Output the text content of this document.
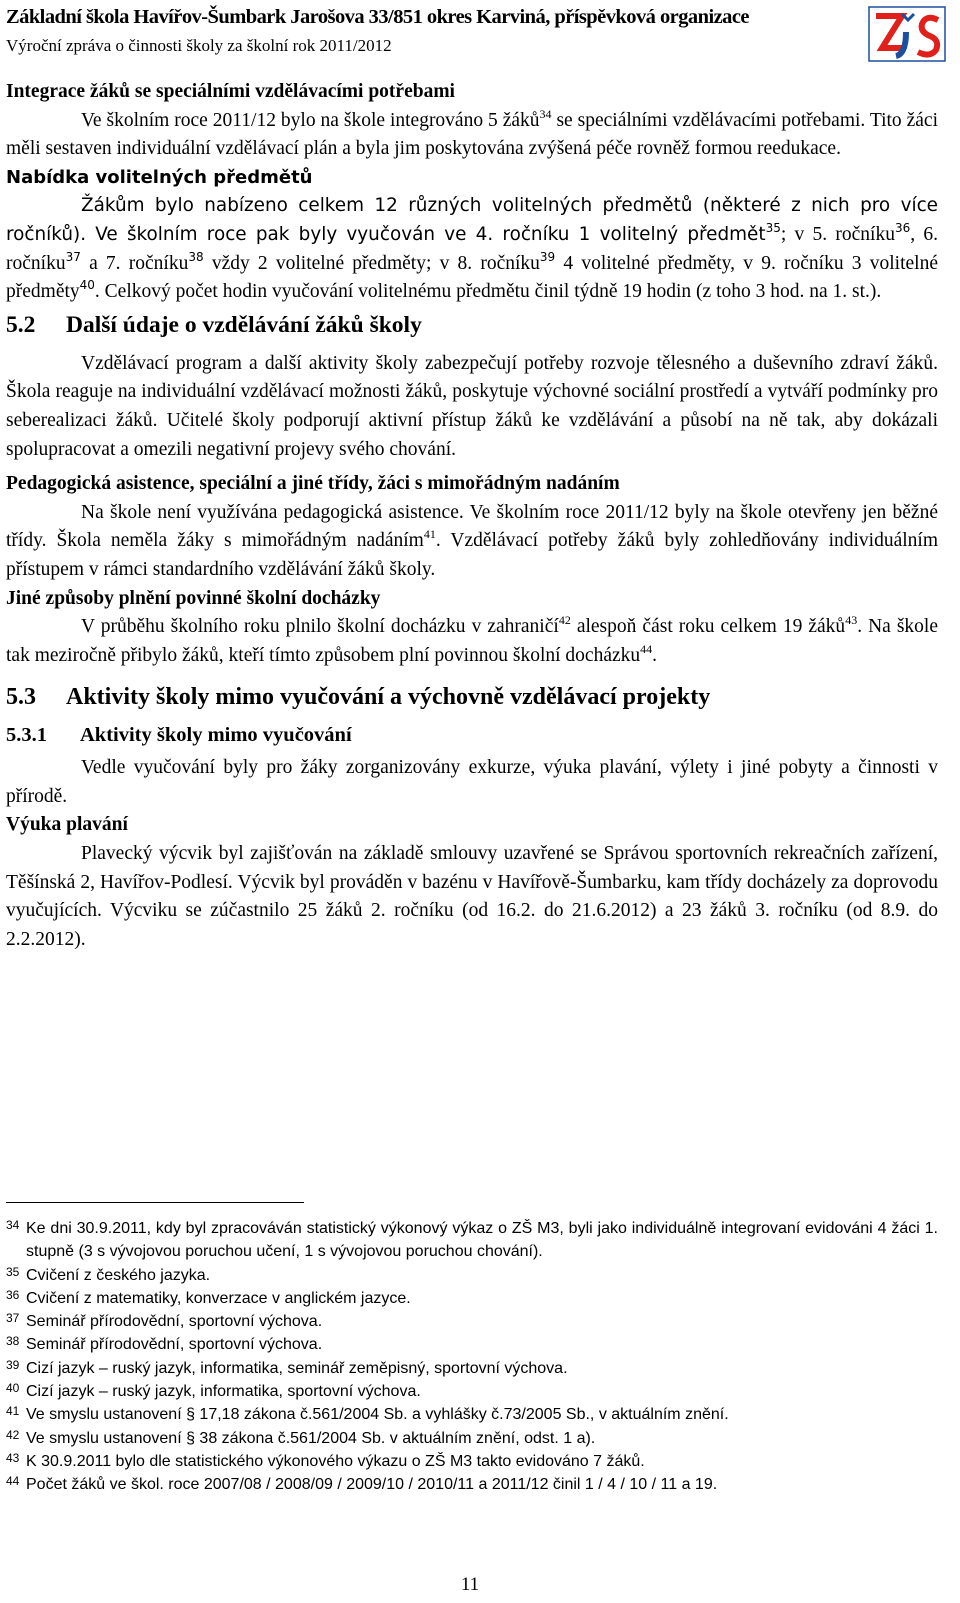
Základní škola Havířov-Šumbark Jarošova 33/851 okres Karviná, příspěvková organizace
Výroční zpráva o činnosti školy za školní rok 2011/2012

Integrace žáků se speciálními vzdělávacími potřebami

Ve školním roce 2011/12 bylo na škole integrováno 5 žáků$^{34}$ se speciálními vzdělávacími potřebami. Tito žáci měli sestaven individuální vzdělávací plán a byla jim poskytována zvýšená péče rovněž formou reedukace.

Nabídka volitelných předmětů

Žákům bylo nabízeno celkem 12 různých volitelných předmětů (některé z nich pro více ročníků). Ve školním roce pak byly vyučován ve 4. ročníku 1 volitelný předmět$^{35}$; v 5. ročníku$^{36}$, 6. ročníku$^{37}$ a 7. ročníku$^{38}$ vždy 2 volitelné předměty; v 8. ročníku$^{39}$ 4 volitelné předměty, v 9. ročníku 3 volitelné předměty$^{40}$. Celkový počet hodin vyučování volitelnému předmětu činil týdně 19 hodin (z toho 3 hod. na 1. st.).

5.2 Další údaje o vzdělávání žáků školy

Vzdělávací program a další aktivity školy zabezpečují potřeby rozvoje tělesného a duševního zdraví žáků. Škola reaguje na individuální vzdělávací možnosti žáků, poskytuje výchovné sociální prostředí a vytváří podmínky pro seberealizaci žáků. Učitelé školy podporují aktivní přístup žáků ke vzdělávání a působí na ně tak, aby dokázali spolupracovat a omezili negativní projevy svého chování.

Pedagogická asistence, speciální a jiné třídy, žáci s mimořádným nadáním

Na škole není využívána pedagogická asistence. Ve školním roce 2011/12 byly na škole otevřeny jen běžné třídy. Škola neměla žáky s mimořádným nadáním$^{41}$. Vzdělávací potřeby žáků byly zohledňovány individuálním přístupem v rámci standardního vzdělávání žáků školy.

Jiné způsoby plnění povinné školní docházky

V průběhu školního roku plnilo školní docházku v zahraničí$^{42}$ alespoň část roku celkem 19 žáků$^{43}$. Na škole tak meziročně přibylo žáků, kteří tímto způsobem plní povinnou školní docházku$^{44}$.

5.3 Aktivity školy mimo vyučování a výchovně vzdělávací projekty

5.3.1 Aktivity školy mimo vyučování

Vedle vyučování byly pro žáky zorganizovány exkurze, výuka plavání, výlety i jiné pobyty a činnosti v přírodě.

Výuka plavání

Plavecký výcvik byl zajišťován na základě smlouvy uzavřené se Správou sportovních rekreačních zařízení, Těšínská 2, Havířov-Podlesí. Výcvik byl prováděn v bazénu v Havířově-Šumbarku, kam třídy docházely za doprovodu vyučujících. Výcviku se zúčastnilo 25 žáků 2. ročníku (od 16.2. do 21.6.2012) a 23 žáků 3. ročníku (od 8.9. do 2.2.2012).

34 Ke dni 30.9.2011, kdy byl zpracováván statistický výkonový výkaz o ZŠ M3, byli jako individuálně integrovaní evidováni 4 žáci 1. stupně (3 s vývojovou poruchou učení, 1 s vývojovou poruchou chování).
35 Cvičení z českého jazyka.
36 Cvičení z matematiky, konverzace v anglickém jazyce.
37 Seminář přírodovědní, sportovní výchova.
38 Seminář přírodovědní, sportovní výchova.
39 Cizí jazyk – ruský jazyk, informatika, seminář zeměpisný, sportovní výchova.
40 Cizí jazyk – ruský jazyk, informatika, sportovní výchova.
41 Ve smyslu ustanovení § 17,18 zákona č.561/2004 Sb. a vyhlášky č.73/2005 Sb., v aktuálním znění.
42 Ve smyslu ustanovení § 38 zákona č.561/2004 Sb. v aktuálním znění, odst. 1 a).
43 K 30.9.2011 bylo dle statistického výkonového výkazu o ZŠ M3 takto evidováno 7 žáků.
44 Počet žáků ve škol. roce 2007/08 / 2008/09 / 2009/10 / 2010/11 a 2011/12 činil 1 / 4 / 10 / 11 a 19.
11
